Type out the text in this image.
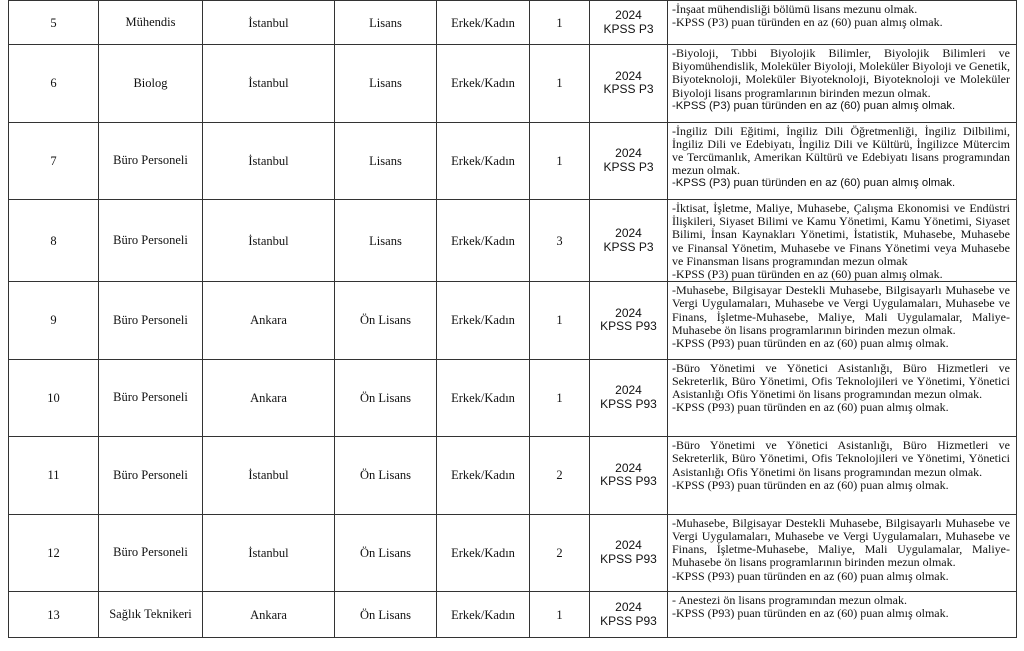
5	Mühendis	İstanbul	Lisans	Erkek/Kadın	1	2024
KPSS P3	-İnşaat mühendisliği bölümü lisans mezunu olmak.
-KPSS (P3) puan türünden en az (60) puan almış olmak.

6	Biolog	İstanbul	Lisans	Erkek/Kadın	1	2024
KPSS P3	-Biyoloji, Tıbbi Biyolojik Bilimler, Biyolojik Bilimleri ve Biyomühendislik, Moleküler Biyoloji, Moleküler Biyoloji ve Genetik, Biyoteknoloji, Moleküler Biyoteknoloji, Biyoteknoloji ve Moleküler Biyoloji lisans programlarının birinden mezun olmak.
-KPSS (P3) puan türünden en az (60) puan almış olmak.

7	Büro Personeli	İstanbul	Lisans	Erkek/Kadın	1	2024
KPSS P3	-İngiliz Dili Eğitimi, İngiliz Dili Öğretmenliği, İngiliz Dilbilimi, İngiliz Dili ve Edebiyatı, İngiliz Dili ve Kültürü, İngilizce Mütercim ve Tercümanlık, Amerikan Kültürü ve Edebiyatı lisans programından mezun olmak.
-KPSS (P3) puan türünden en az (60) puan almış olmak.

8	Büro Personeli	İstanbul	Lisans	Erkek/Kadın	3	2024
KPSS P3	-İktisat, İşletme, Maliye, Muhasebe, Çalışma Ekonomisi ve Endüstri İlişkileri, Siyaset Bilimi ve Kamu Yönetimi, Kamu Yönetimi, Siyaset Bilimi, İnsan Kaynakları Yönetimi, İstatistik, Muhasebe, Muhasebe ve Finansal Yönetim, Muhasebe ve Finans Yönetimi veya Muhasebe ve Finansman lisans programından mezun olmak
-KPSS (P3) puan türünden en az (60) puan almış olmak.

9	Büro Personeli	Ankara	Ön Lisans	Erkek/Kadın	1	2024
KPSS P93	-Muhasebe, Bilgisayar Destekli Muhasebe, Bilgisayarlı Muhasebe ve Vergi Uygulamaları, Muhasebe ve Vergi Uygulamaları, Muhasebe ve Finans, İşletme-Muhasebe, Maliye, Mali Uygulamalar, Maliye-Muhasebe ön lisans programlarının birinden mezun olmak.
-KPSS (P93) puan türünden en az (60) puan almış olmak.

10	Büro Personeli	Ankara	Ön Lisans	Erkek/Kadın	1	2024
KPSS P93	-Büro Yönetimi ve Yönetici Asistanlığı, Büro Hizmetleri ve Sekreterlik, Büro Yönetimi, Ofis Teknolojileri ve Yönetimi, Yönetici Asistanlığı Ofis Yönetimi ön lisans programından mezun olmak.
-KPSS (P93) puan türünden en az (60) puan almış olmak.

11	Büro Personeli	İstanbul	Ön Lisans	Erkek/Kadın	2	2024
KPSS P93	-Büro Yönetimi ve Yönetici Asistanlığı, Büro Hizmetleri ve Sekreterlik, Büro Yönetimi, Ofis Teknolojileri ve Yönetimi, Yönetici Asistanlığı Ofis Yönetimi ön lisans programından mezun olmak.
-KPSS (P93) puan türünden en az (60) puan almış olmak.

12	Büro Personeli	İstanbul	Ön Lisans	Erkek/Kadın	2	2024
KPSS P93	-Muhasebe, Bilgisayar Destekli Muhasebe, Bilgisayarlı Muhasebe ve Vergi Uygulamaları, Muhasebe ve Vergi Uygulamaları, Muhasebe ve Finans, İşletme-Muhasebe, Maliye, Mali Uygulamalar, Maliye-Muhasebe ön lisans programlarının birinden mezun olmak.
-KPSS (P93) puan türünden en az (60) puan almış olmak.

13	Sağlık Teknikeri	Ankara	Ön Lisans	Erkek/Kadın	1	2024
KPSS P93	- Anestezi ön lisans programından mezun olmak.
-KPSS (P93) puan türünden en az (60) puan almış olmak.
